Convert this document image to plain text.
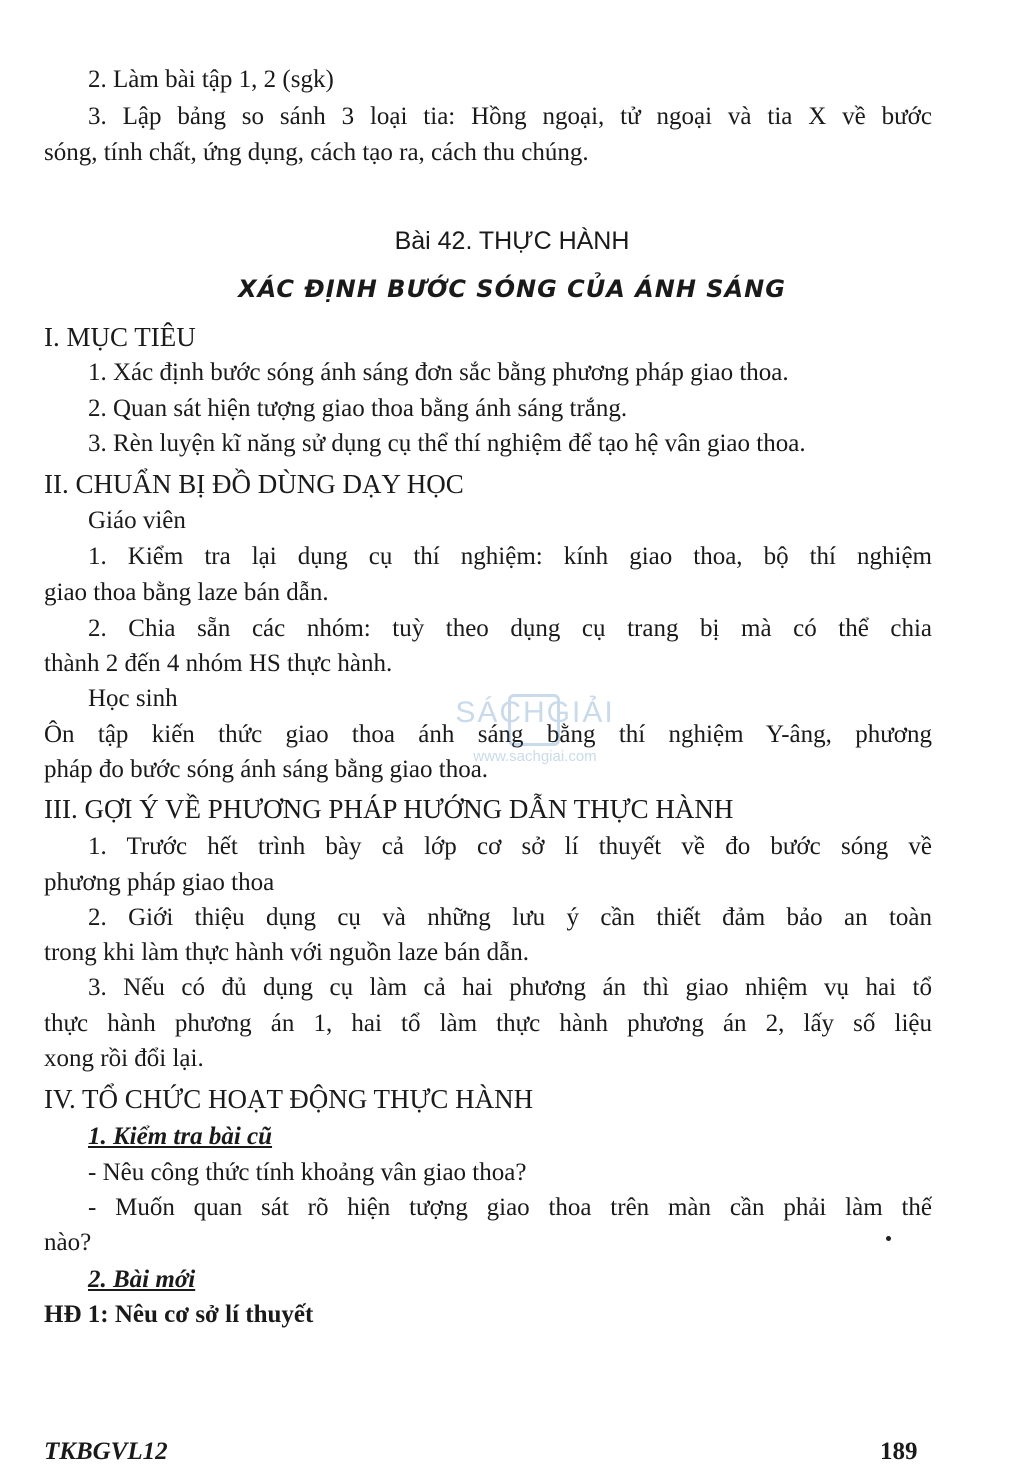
2. Làm bài tập 1, 2 (sgk)
3. Lập bảng so sánh 3 loại tia: Hồng ngoại, tử ngoại và tia X về bước
sóng, tính chất, ứng dụng, cách tạo ra, cách thu chúng.
Bài 42. THỰC HÀNH
XÁC ĐỊNH BƯỚC SÓNG CỦA ÁNH SÁNG
I. MỤC TIÊU
1. Xác định bước sóng ánh sáng đơn sắc bằng phương pháp giao thoa.
2. Quan sát hiện tượng giao thoa bằng ánh sáng trắng.
3. Rèn luyện kĩ năng sử dụng cụ thể thí nghiệm để tạo hệ vân giao thoa.
II. CHUẨN BỊ ĐỒ DÙNG DẠY HỌC
Giáo viên
1. Kiểm tra lại dụng cụ thí nghiệm: kính giao thoa, bộ thí nghiệm
giao thoa bằng laze bán dẫn.
2. Chia sẵn các nhóm: tuỳ theo dụng cụ trang bị mà có thể chia
thành 2 đến 4 nhóm HS thực hành.
Học sinh
Ôn tập kiến thức giao thoa ánh sáng bằng thí nghiệm Y-âng, phương
pháp đo bước sóng ánh sáng bằng giao thoa.
III. GỢI Ý VỀ PHƯƠNG PHÁP HƯỚNG DẪN THỰC HÀNH
1. Trước hết trình bày cả lớp cơ sở lí thuyết về đo bước sóng về
phương pháp giao thoa
2. Giới thiệu dụng cụ và những lưu ý cần thiết đảm bảo an toàn
trong khi làm thực hành với nguồn laze bán dẫn.
3. Nếu có đủ dụng cụ làm cả hai phương án thì giao nhiệm vụ hai tổ
thực hành phương án 1, hai tổ làm thực hành phương án 2, lấy số liệu
xong rồi đổi lại.
IV. TỔ CHỨC HOẠT ĐỘNG THỰC HÀNH
1. Kiểm tra bài cũ
- Nêu công thức tính khoảng vân giao thoa?
- Muốn quan sát rõ hiện tượng giao thoa trên màn cần phải làm thế
nào?
2. Bài mới
HĐ 1: Nêu cơ sở lí thuyết
SÁCHGIẢI
www.sachgiai.com
TKBGVL12	189
